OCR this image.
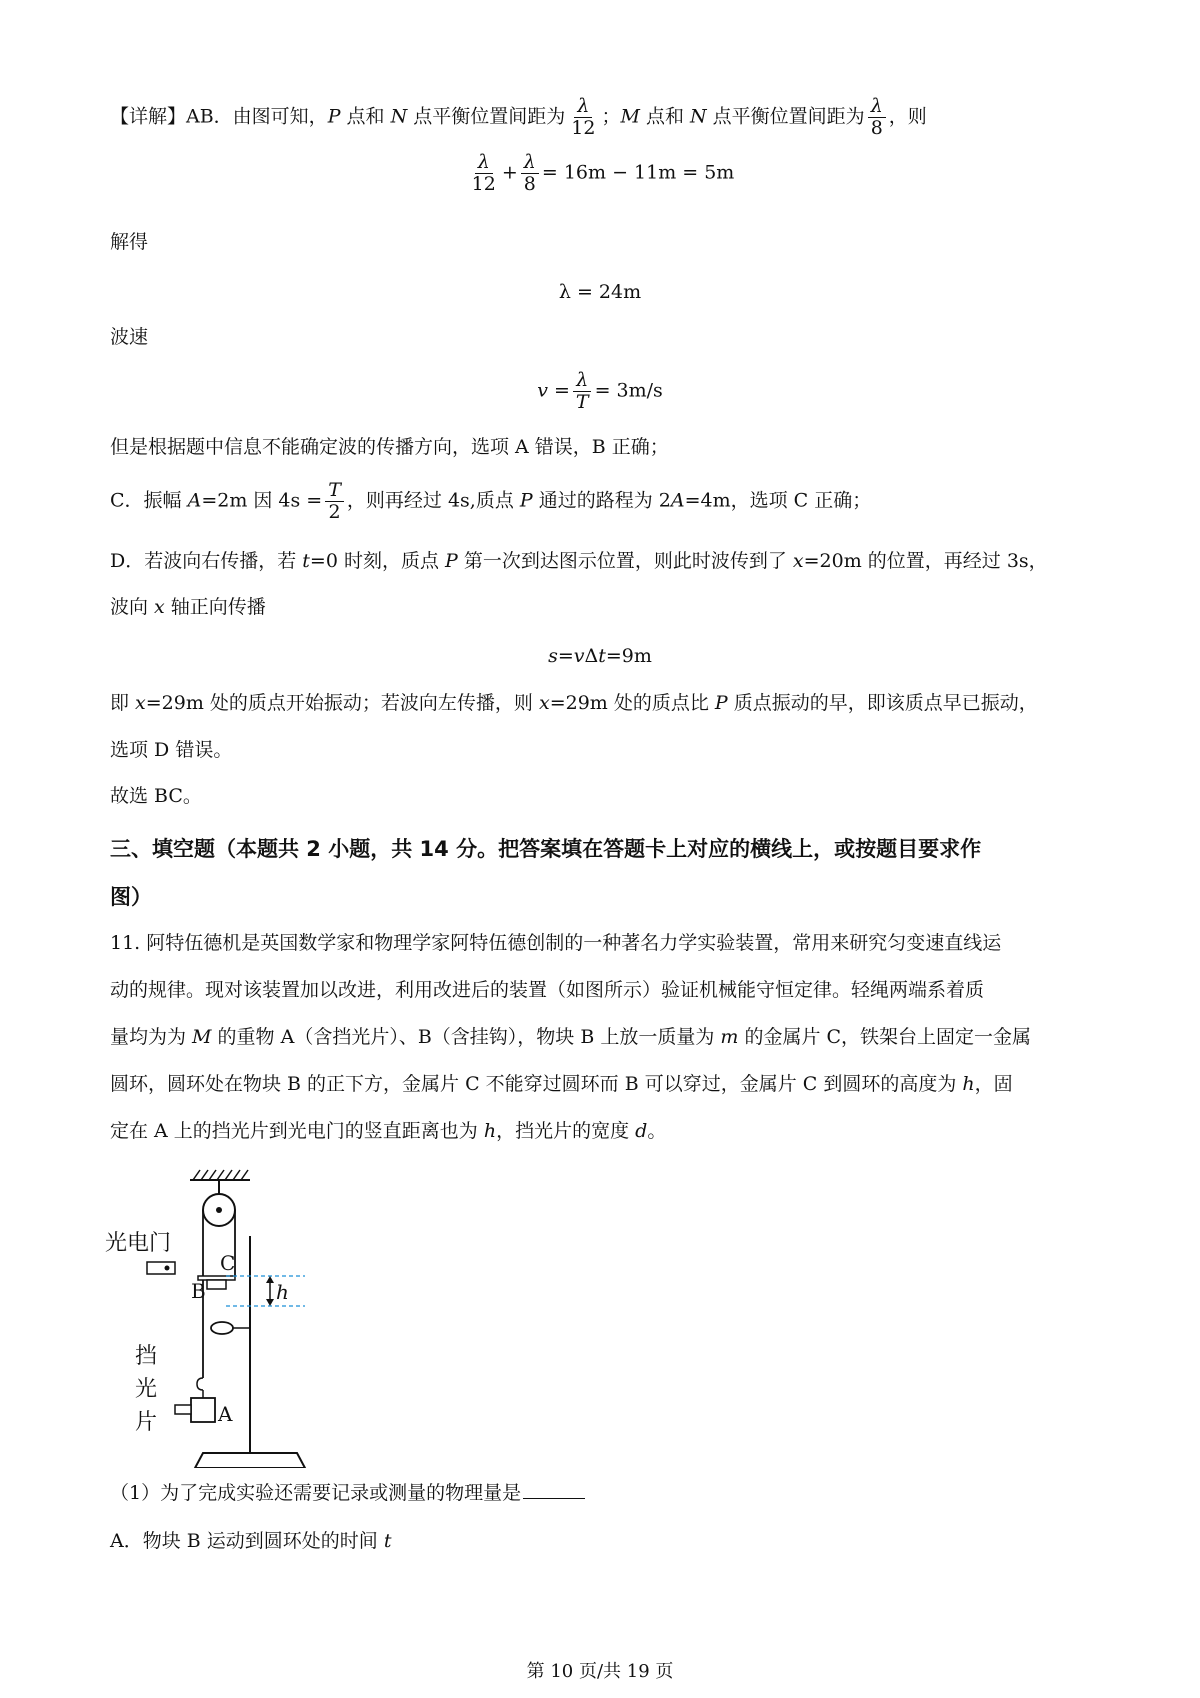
【详解】AB．由图可知，P 点和 N 点平衡位置间距为 $\frac{\lambda}{12}$ ；M 点和 N 点平衡位置间距为 $\frac{\lambda}{8}$ ，则
$\frac{\lambda}{12} + \frac{\lambda}{8} = 16m - 11m = 5m$
解得
λ = 24m
波速
$v = \frac{\lambda}{T} = 3m/s$
但是根据题中信息不能确定波的传播方向，选项 A 错误，B 正确；
C．振幅 A=2m 因 $4s = \frac{T}{2}$ ，则再经过 4s,质点 P 通过的路程为 2A=4m，选项 C 正确；
D．若波向右传播，若 t=0 时刻，质点 P 第一次到达图示位置，则此时波传到了 x=20m 的位置，再经过 3s，
波向 x 轴正向传播
s=vΔt=9m
即 x=29m 处的质点开始振动；若波向左传播，则 x=29m 处的质点比 P 质点振动的早，即该质点早已振动，
选项 D 错误。
故选 BC。
三、填空题（本题共 2 小题，共 14 分。把答案填在答题卡上对应的横线上，或按题目要求作
图）
11. 阿特伍德机是英国数学家和物理学家阿特伍德创制的一种著名力学实验装置，常用来研究匀变速直线运
动的规律。现对该装置加以改进，利用改进后的装置（如图所示）验证机械能守恒定律。轻绳两端系着质
量均为为 M 的重物 A（含挡光片）、B（含挂钩），物块 B 上放一质量为 m 的金属片 C，铁架台上固定一金属
圆环，圆环处在物块 B 的正下方，金属片 C 不能穿过圆环而 B 可以穿过，金属片 C 到圆环的高度为 h，固
定在 A 上的挡光片到光电门的竖直距离也为 h，挡光片的宽度 d。
光电门
C
B	h
A
挡
光
片
（1）为了完成实验还需要记录或测量的物理量是
A．物块 B 运动到圆环处的时间 t
第 10 页/共 19 页
